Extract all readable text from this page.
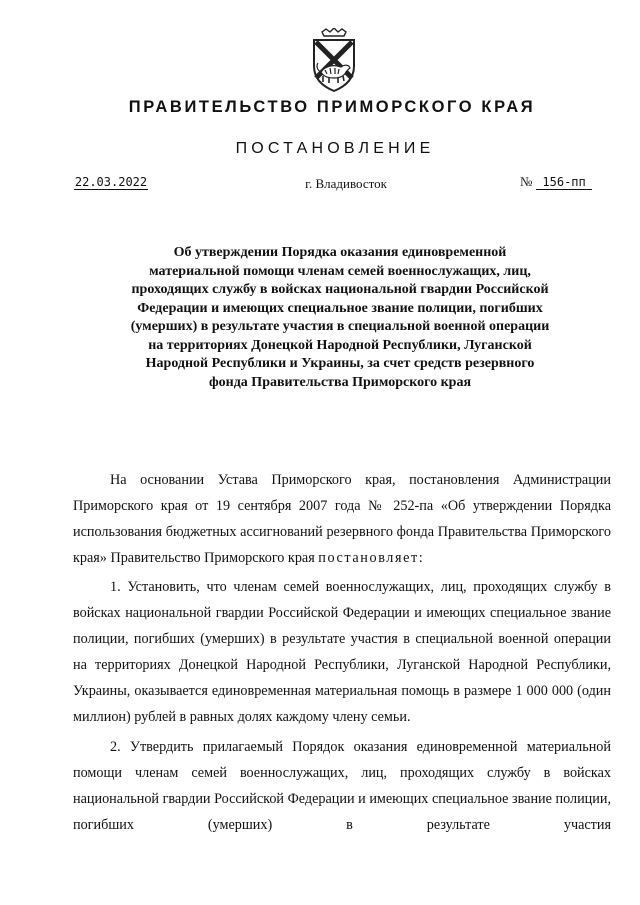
ПРАВИТЕЛЬСТВО ПРИМОРСКОГО КРАЯ
ПОСТАНОВЛЕНИЕ
22.03.2022	г. Владивосток	№ 156-пп
Об утверждении Порядка оказания единовременной материальной помощи членам семей военнослужащих, лиц, проходящих службу в войсках национальной гвардии Российской Федерации и имеющих специальное звание полиции, погибших (умерших) в результате участия в специальной военной операции на территориях Донецкой Народной Республики, Луганской Народной Республики и Украины, за счет средств резервного фонда Правительства Приморского края

На основании Устава Приморского края, постановления Администрации Приморского края от 19 сентября 2007 года № 252-па «Об утверждении Порядка использования бюджетных ассигнований резервного фонда Правительства Приморского края» Правительство Приморского края постановляет:

1. Установить, что членам семей военнослужащих, лиц, проходящих службу в войсках национальной гвардии Российской Федерации и имеющих специальное звание полиции, погибших (умерших) в результате участия в специальной военной операции на территориях Донецкой Народной Республики, Луганской Народной Республики, Украины, оказывается единовременная материальная помощь в размере 1 000 000 (один миллион) рублей в равных долях каждому члену семьи.

2. Утвердить прилагаемый Порядок оказания единовременной материальной помощи членам семей военнослужащих, лиц, проходящих службу в войсках национальной гвардии Российской Федерации и имеющих специальное звание полиции, погибших (умерших) в результате участия
